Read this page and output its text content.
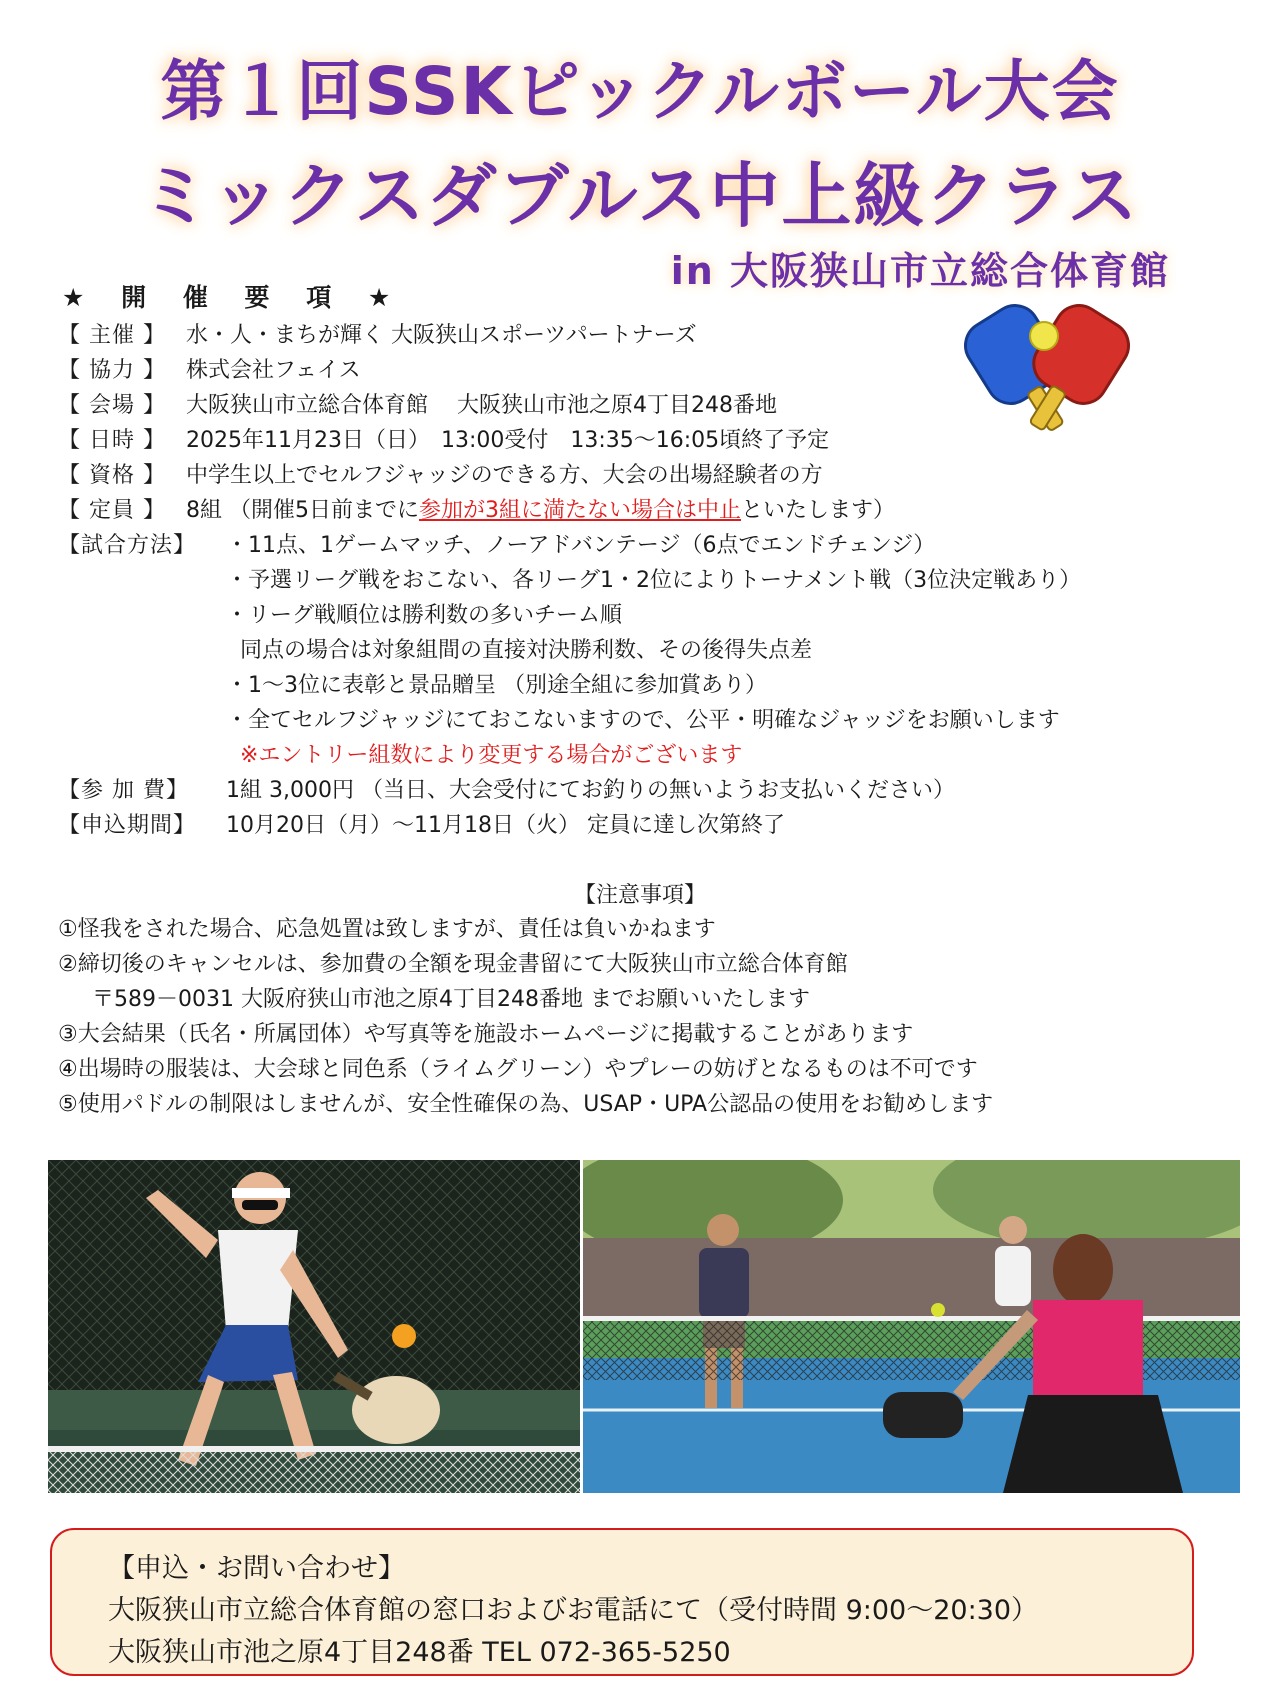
第１回SSKピックルボール大会
ミックスダブルス中上級クラス
in 大阪狭山市立総合体育館
★ 開 催 要 項 ★
【 主催 】 水・人・まちが輝く 大阪狭山スポーツパートナーズ
【 協力 】 株式会社フェイス
【 会場 】 大阪狭山市立総合体育館　 大阪狭山市池之原4丁目248番地
【 日時 】 2025年11月23日（日）　13:00受付　13:35～16:05頃終了予定
【 資格 】 中学生以上でセルフジャッジのできる方、大会の出場経験者の方
【 定員 】 8組 （開催5日前までに 参加が3組に満たない場合は中止 といたします）
【試合方法】	・11点、1ゲームマッチ、ノーアドバンテージ（6点でエンドチェンジ）
・予選リーグ戦をおこない、各リーグ1・2位によりトーナメント戦（3位決定戦あり）
・リーグ戦順位は勝利数の多いチーム順
同点の場合は対象組間の直接対決勝利数、その後得失点差
・1～3位に表彰と景品贈呈 （別途全組に参加賞あり）
・全てセルフジャッジにておこないますので、公平・明確なジャッジをお願いします
※エントリー組数により変更する場合がございます
【参 加 費】	1組 3,000円 （当日、大会受付にてお釣りの無いようお支払いください）
【申込期間】	10月20日（月）～11月18日（火） 定員に達し次第終了
【注意事項】
①怪我をされた場合、応急処置は致しますが、責任は負いかねます
②締切後のキャンセルは、参加費の全額を現金書留にて大阪狭山市立総合体育館
〒589－0031 大阪府狭山市池之原4丁目248番地 までお願いいたします
③大会結果（氏名・所属団体）や写真等を施設ホームページに掲載することがあります
④出場時の服装は、大会球と同色系（ライムグリーン）やプレーの妨げとなるものは不可です
⑤使用パドルの制限はしませんが、安全性確保の為、USAP・UPA公認品の使用をお勧めします
【申込・お問い合わせ】
大阪狭山市立総合体育館の窓口およびお電話にて（受付時間 9:00～20:30）
大阪狭山市池之原4丁目248番 TEL 072-365-5250
